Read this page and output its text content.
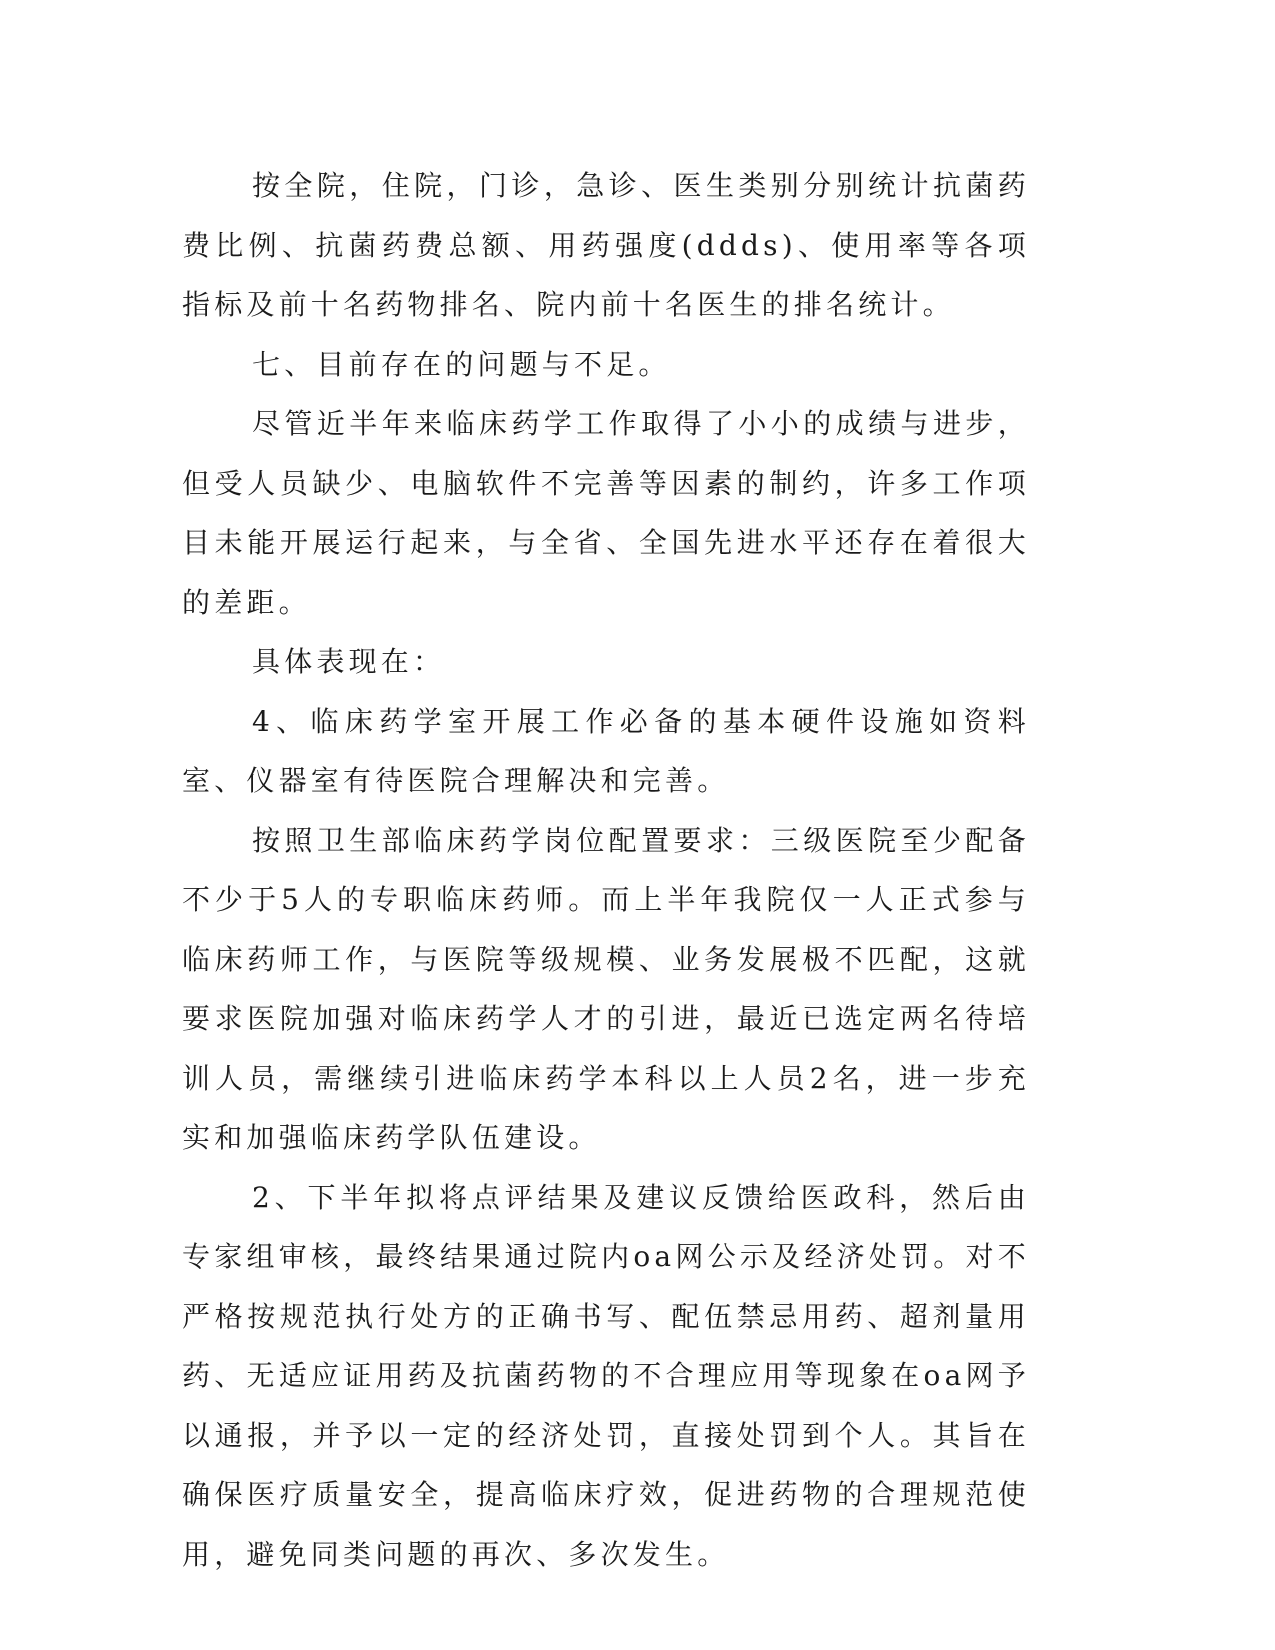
按全院，住院，门诊，急诊、医生类别分别统计抗菌药费比例、抗菌药费总额、用药强度(ddds)、使用率等各项指标及前十名药物排名、院内前十名医生的排名统计。

七、目前存在的问题与不足。

尽管近半年来临床药学工作取得了小小的成绩与进步，但受人员缺少、电脑软件不完善等因素的制约，许多工作项目未能开展运行起来，与全省、全国先进水平还存在着很大的差距。

具体表现在：

4、临床药学室开展工作必备的基本硬件设施如资料室、仪器室有待医院合理解决和完善。

按照卫生部临床药学岗位配置要求：三级医院至少配备不少于5人的专职临床药师。而上半年我院仅一人正式参与临床药师工作，与医院等级规模、业务发展极不匹配，这就要求医院加强对临床药学人才的引进，最近已选定两名待培训人员，需继续引进临床药学本科以上人员2名，进一步充实和加强临床药学队伍建设。

2、下半年拟将点评结果及建议反馈给医政科，然后由专家组审核，最终结果通过院内oa网公示及经济处罚。对不严格按规范执行处方的正确书写、配伍禁忌用药、超剂量用药、无适应证用药及抗菌药物的不合理应用等现象在oa网予以通报，并予以一定的经济处罚，直接处罚到个人。其旨在确保医疗质量安全，提高临床疗效，促进药物的合理规范使用，避免同类问题的再次、多次发生。
